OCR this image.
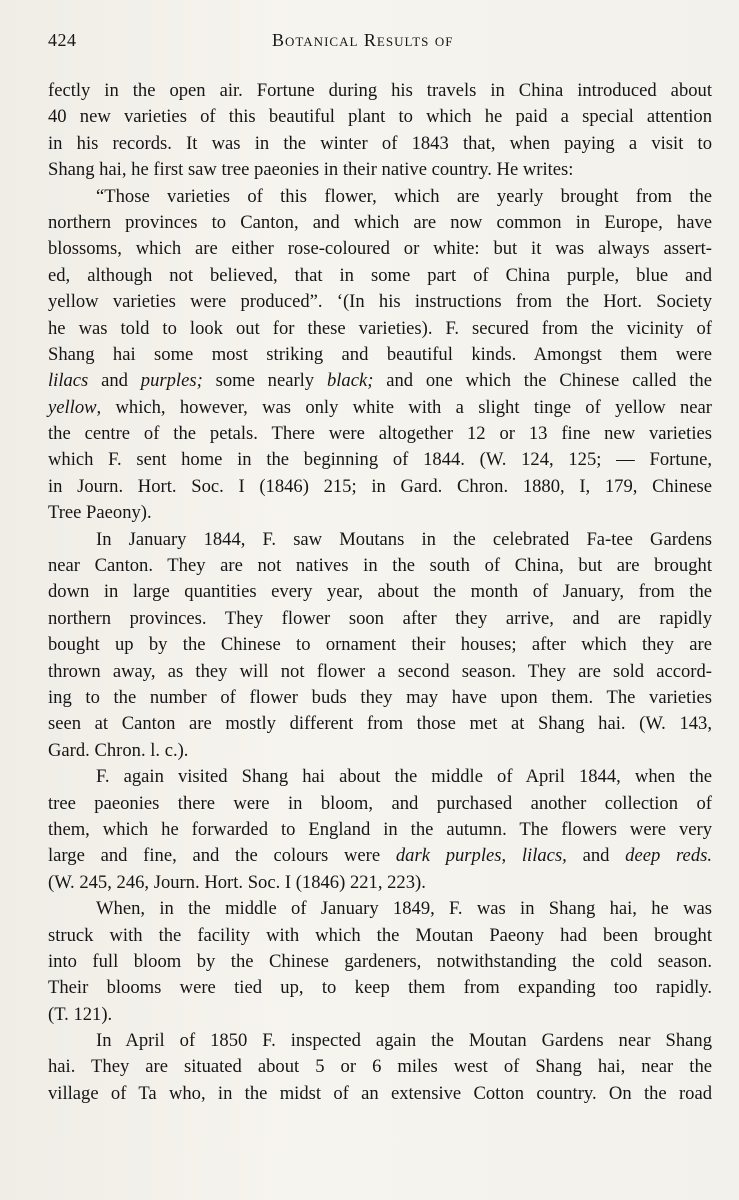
424	Botanical Results of
fectly in the open air. Fortune during his travels in China introduced about
40 new varieties of this beautiful plant to which he paid a special attention
in his records. It was in the winter of 1843 that, when paying a visit to
Shang hai, he first saw tree paeonies in their native country. He writes:
“Those varieties of this flower, which are yearly brought from the
northern provinces to Canton, and which are now common in Europe, have
blossoms, which are either rose-coloured or white: but it was always assert-
ed, although not believed, that in some part of China purple, blue and
yellow varieties were produced”. ‘(In his instructions from the Hort. Society
he was told to look out for these varieties). F. secured from the vicinity of
Shang hai some most striking and beautiful kinds. Amongst them were
lilacs and purples; some nearly black; and one which the Chinese called the
yellow, which, however, was only white with a slight tinge of yellow near
the centre of the petals. There were altogether 12 or 13 fine new varieties
which F. sent home in the beginning of 1844. (W. 124, 125; — Fortune,
in Journ. Hort. Soc. I (1846) 215; in Gard. Chron. 1880, I, 179, Chinese
Tree Paeony).
In January 1844, F. saw Moutans in the celebrated Fa-tee Gardens
near Canton. They are not natives in the south of China, but are brought
down in large quantities every year, about the month of January, from the
northern provinces. They flower soon after they arrive, and are rapidly
bought up by the Chinese to ornament their houses; after which they are
thrown away, as they will not flower a second season. They are sold accord-
ing to the number of flower buds they may have upon them. The varieties
seen at Canton are mostly different from those met at Shang hai. (W. 143,
Gard. Chron. l. c.).
F. again visited Shang hai about the middle of April 1844, when the
tree paeonies there were in bloom, and purchased another collection of
them, which he forwarded to England in the autumn. The flowers were very
large and fine, and the colours were dark purples, lilacs, and deep reds.
(W. 245, 246, Journ. Hort. Soc. I (1846) 221, 223).
When, in the middle of January 1849, F. was in Shang hai, he was
struck with the facility with which the Moutan Paeony had been brought
into full bloom by the Chinese gardeners, notwithstanding the cold season.
Their blooms were tied up, to keep them from expanding too rapidly.
(T. 121).
In April of 1850 F. inspected again the Moutan Gardens near Shang
hai. They are situated about 5 or 6 miles west of Shang hai, near the
village of Ta who, in the midst of an extensive Cotton country. On the road
